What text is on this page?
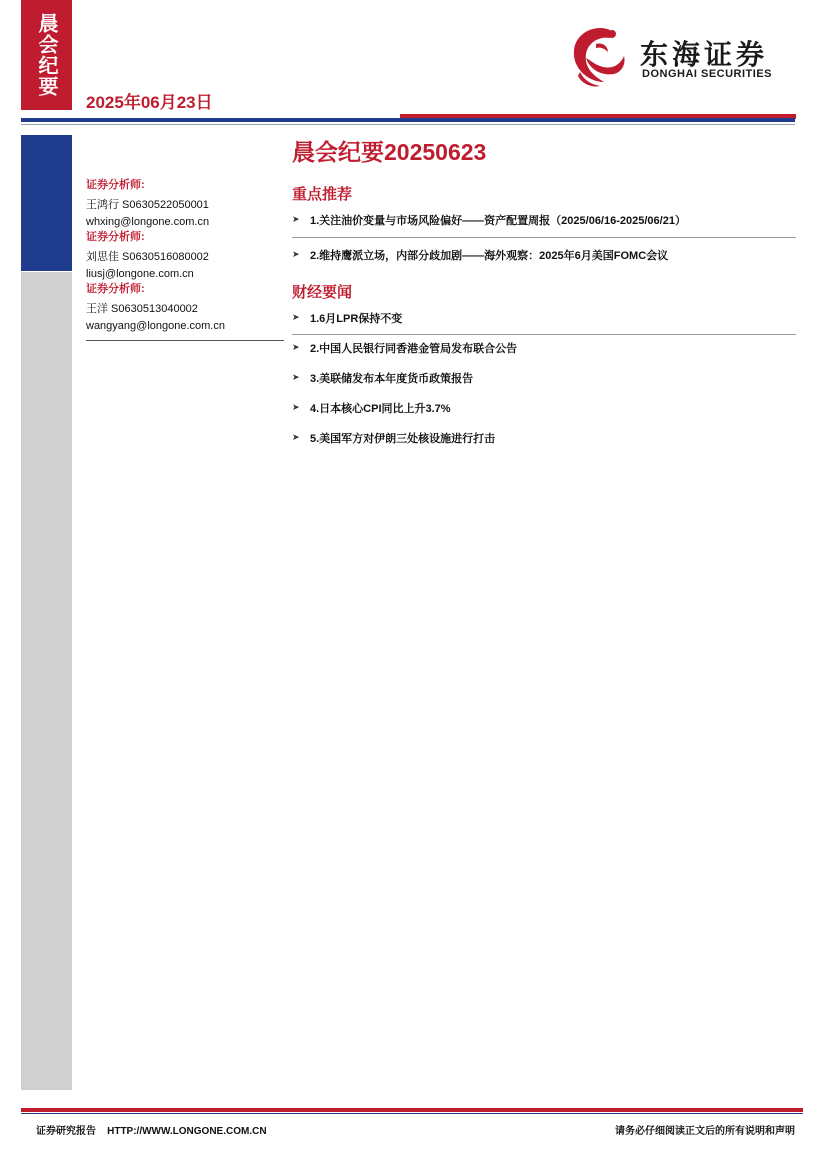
晨会纪要
2025年06月23日
东海证券
DONGHAI SECURITIES
证券分析师:
王鸿行 S0630522050001
whxing@longone.com.cn
证券分析师:
刘思佳 S0630516080002
liusj@longone.com.cn
证券分析师:
王洋 S0630513040002
wangyang@longone.com.cn
晨会纪要20250623
重点推荐
➤ 1.关注油价变量与市场风险偏好——资产配置周报（2025/06/16-2025/06/21）
➤ 2.维持鹰派立场，内部分歧加剧——海外观察：2025年6月美国FOMC会议
财经要闻
➤ 1.6月LPR保持不变
➤ 2.中国人民银行同香港金管局发布联合公告
➤ 3.美联储发布本年度货币政策报告
➤ 4.日本核心CPI同比上升3.7%
➤ 5.美国军方对伊朗三处核设施进行打击
证券研究报告    HTTP://WWW.LONGONE.COM.CN	请务必仔细阅读正文后的所有说明和声明
